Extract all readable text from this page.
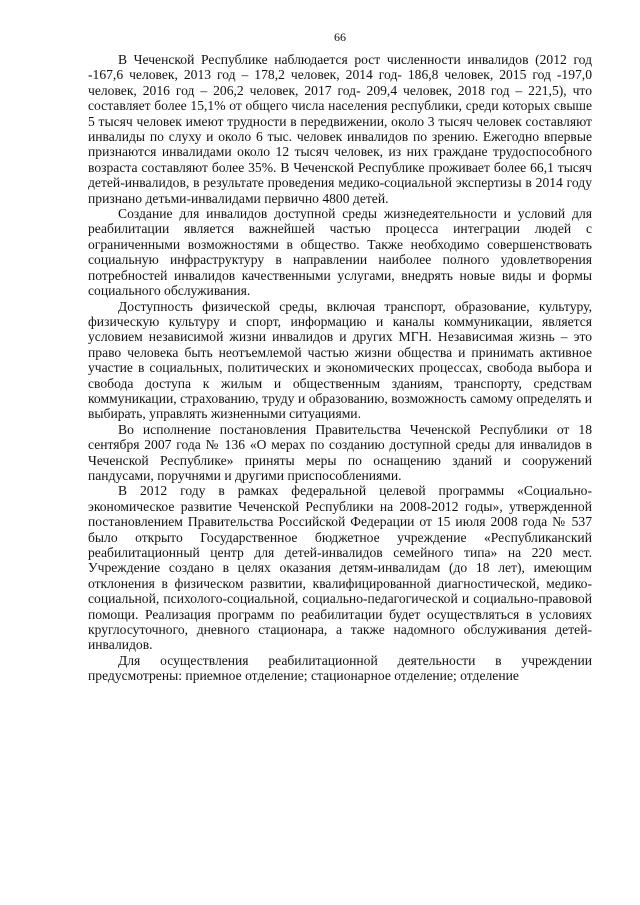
66

В Чеченской Республике наблюдается рост численности инвалидов (2012 год -167,6 человек, 2013 год – 178,2 человек, 2014 год- 186,8 человек, 2015 год -197,0 человек, 2016 год – 206,2 человек, 2017 год- 209,4 человек, 2018 год – 221,5), что составляет более 15,1% от общего числа населения республики, среди которых свыше 5 тысяч человек имеют трудности в передвижении, около 3 тысяч человек составляют инвалиды по слуху и около 6 тыс. человек инвалидов по зрению. Ежегодно впервые признаются инвалидами около 12 тысяч человек, из них граждане трудоспособного возраста составляют более 35%. В Чеченской Республике проживает более 66,1 тысяч детей-инвалидов, в результате проведения медико-социальной экспертизы в 2014 году признано детьми-инвалидами первично 4800 детей.

Создание для инвалидов доступной среды жизнедеятельности и условий для реабилитации является важнейшей частью процесса интеграции людей с ограниченными возможностями в общество. Также необходимо совершенствовать социальную инфраструктуру в направлении наиболее полного удовлетворения потребностей инвалидов качественными услугами, внедрять новые виды и формы социального обслуживания.

Доступность физической среды, включая транспорт, образование, культуру, физическую культуру и спорт, информацию и каналы коммуникации, является условием независимой жизни инвалидов и других МГН. Независимая жизнь – это право человека быть неотъемлемой частью жизни общества и принимать активное участие в социальных, политических и экономических процессах, свобода выбора и свобода доступа к жилым и общественным зданиям, транспорту, средствам коммуникации, страхованию, труду и образованию, возможность самому определять и выбирать, управлять жизненными ситуациями.

Во исполнение постановления Правительства Чеченской Республики от 18 сентября 2007 года № 136 «О мерах по созданию доступной среды для инвалидов в Чеченской Республике» приняты меры по оснащению зданий и сооружений пандусами, поручнями и другими приспособлениями.

В 2012 году в рамках федеральной целевой программы «Социально-экономическое развитие Чеченской Республики на 2008-2012 годы», утвержденной постановлением Правительства Российской Федерации от 15 июля 2008 года № 537 было открыто Государственное бюджетное учреждение «Республиканский реабилитационный центр для детей-инвалидов семейного типа» на 220 мест. Учреждение создано в целях оказания детям-инвалидам (до 18 лет), имеющим отклонения в физическом развитии, квалифицированной диагностической, медико-социальной, психолого-социальной, социально-педагогической и социально-правовой помощи. Реализация программ по реабилитации будет осуществляться в условиях круглосуточного, дневного стационара, а также надомного обслуживания детей-инвалидов.

Для осуществления реабилитационной деятельности в учреждении предусмотрены: приемное отделение; стационарное отделение; отделение
